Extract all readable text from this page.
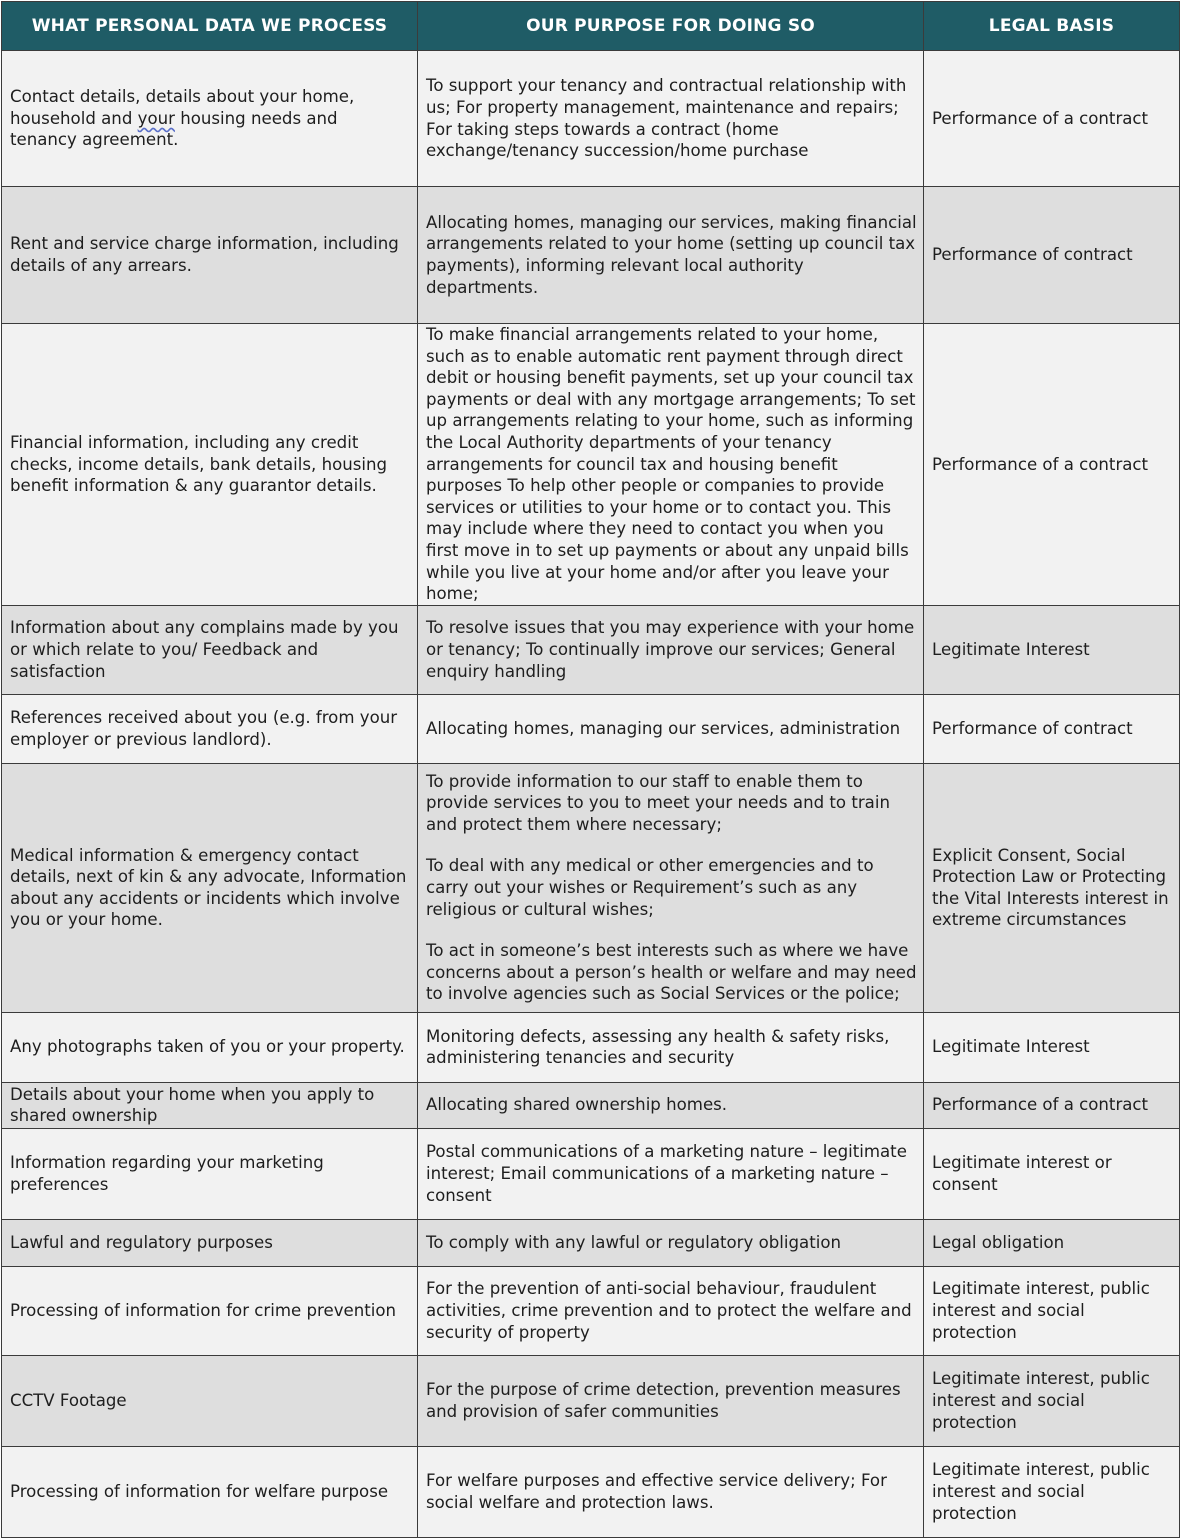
WHAT PERSONAL DATA WE PROCESS	OUR PURPOSE FOR DOING SO	LEGAL BASIS
Contact details, details about your home, household and your housing needs and tenancy agreement.	To support your tenancy and contractual relationship with us; For property management, maintenance and repairs; For taking steps towards a contract (home exchange/tenancy succession/home purchase	Performance of a contract
Rent and service charge information, including details of any arrears.	Allocating homes, managing our services, making financial arrangements related to your home (setting up council tax payments), informing relevant local authority departments.	Performance of contract
Financial information, including any credit checks, income details, bank details, housing benefit information & any guarantor details.	To make financial arrangements related to your home, such as to enable automatic rent payment through direct debit or housing benefit payments, set up your council tax payments or deal with any mortgage arrangements; To set up arrangements relating to your home, such as informing the Local Authority departments of your tenancy arrangements for council tax and housing benefit purposes To help other people or companies to provide services or utilities to your home or to contact you. This may include where they need to contact you when you first move in to set up payments or about any unpaid bills while you live at your home and/or after you leave your home;	Performance of a contract
Information about any complains made by you or which relate to you/ Feedback and satisfaction	To resolve issues that you may experience with your home or tenancy; To continually improve our services; General enquiry handling	Legitimate Interest
References received about you (e.g. from your employer or previous landlord).	Allocating homes, managing our services, administration	Performance of contract
Medical information & emergency contact details, next of kin & any advocate, Information about any accidents or incidents which involve you or your home.	To provide information to our staff to enable them to provide services to you to meet your needs and to train and protect them where necessary;

To deal with any medical or other emergencies and to carry out your wishes or Requirement’s such as any religious or cultural wishes;

To act in someone’s best interests such as where we have concerns about a person’s health or welfare and may need to involve agencies such as Social Services or the police;	Explicit Consent, Social Protection Law or Protecting the Vital Interests interest in extreme circumstances
Any photographs taken of you or your property.	Monitoring defects, assessing any health & safety risks, administering tenancies and security	Legitimate Interest
Details about your home when you apply to shared ownership	Allocating shared ownership homes.	Performance of a contract
Information regarding your marketing preferences	Postal communications of a marketing nature – legitimate interest; Email communications of a marketing nature – consent	Legitimate interest or consent
Lawful and regulatory purposes	To comply with any lawful or regulatory obligation	Legal obligation
Processing of information for crime prevention	For the prevention of anti-social behaviour, fraudulent activities, crime prevention and to protect the welfare and security of property	Legitimate interest, public interest and social protection
CCTV Footage	For the purpose of crime detection, prevention measures and provision of safer communities	Legitimate interest, public interest and social protection
Processing of information for welfare purpose	For welfare purposes and effective service delivery; For social welfare and protection laws.	Legitimate interest, public interest and social protection
